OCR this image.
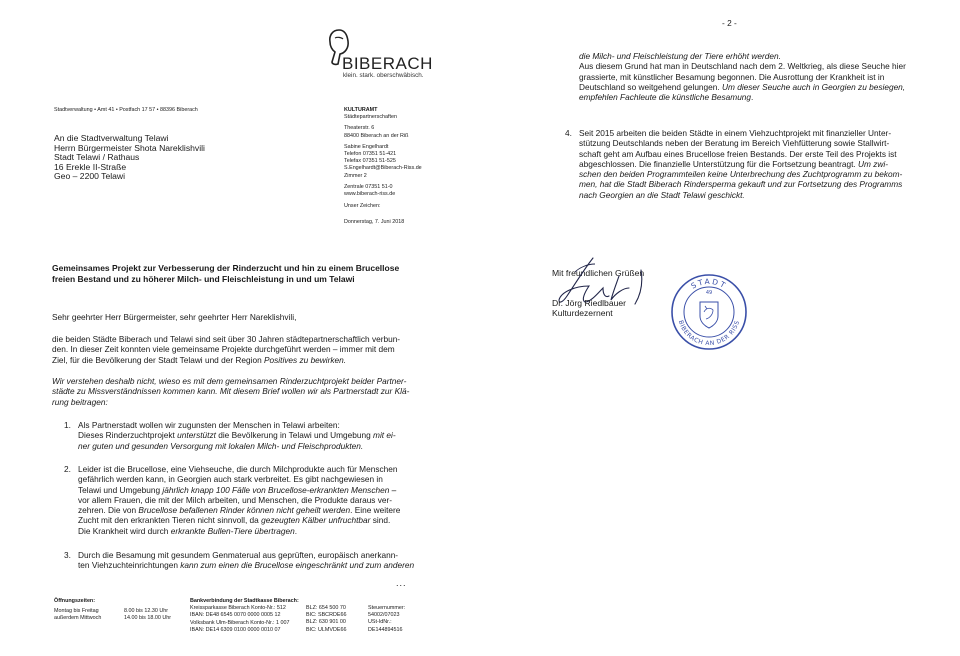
BIBERACH
klein. stark. oberschwäbisch.
Stadtverwaltung • Amt 41 • Postfach 17 57 • 88396 Biberach
An die Stadtverwaltung Telawi
Herrn Bürgermeister Shota Nareklishvili
Stadt Telawi / Rathaus
16 Erekle II-Straße
Geo – 2200 Telawi
KULTURAMT
Städtepartnerschaften
Theaterstr. 6
88400 Biberach an der Riß
Sabine Engelhardt
Telefon 07351 51-421
Telefax 07351 51-525
S.Engelhardt@Biberach-Riss.de
Zimmer 2
Zentrale 07351 51-0
www.biberach-riss.de
Unser Zeichen:
Donnerstag, 7. Juni 2018
Gemeinsames Projekt zur Verbesserung der Rinderzucht und hin zu einem Brucellose
freien Bestand und zu höherer Milch- und Fleischleistung in und um Telawi
Sehr geehrter Herr Bürgermeister, sehr geehrter Herr Nareklishvili,
die beiden Städte Biberach und Telawi sind seit über 30 Jahren städtepartnerschaftlich verbun-
den. In dieser Zeit konnten viele gemeinsame Projekte durchgeführt werden – immer mit dem
Ziel, für die Bevölkerung der Stadt Telawi und der Region Positives zu bewirken.
Wir verstehen deshalb nicht, wieso es mit dem gemeinsamen Rinderzuchtprojekt beider Partner-
städte zu Missverständnissen kommen kann. Mit diesem Brief wollen wir als Partnerstadt zur Klä-
rung beitragen:
1. Als Partnerstadt wollen wir zugunsten der Menschen in Telawi arbeiten:
Dieses Rinderzuchtprojekt unterstützt die Bevölkerung in Telawi und Umgebung mit ei-
ner guten und gesunden Versorgung mit lokalen Milch- und Fleischprodukten.
2. Leider ist die Brucellose, eine Viehseuche, die durch Milchprodukte auch für Menschen
gefährlich werden kann, in Georgien auch stark verbreitet. Es gibt nachgewiesen in
Telawi und Umgebung jährlich knapp 100 Fälle von Brucellose-erkrankten Menschen –
vor allem Frauen, die mit der Milch arbeiten, und Menschen, die Produkte daraus ver-
zehren. Die von Brucellose befallenen Rinder können nicht geheilt werden. Eine weitere
Zucht mit den erkrankten Tieren nicht sinnvoll, da gezeugten Kälber unfruchtbar sind.
Die Krankheit wird durch erkrankte Bullen-Tiere übertragen.
3. Durch die Besamung mit gesundem Genmaterual aus geprüften, europäisch anerkann-
ten Viehzuchteinrichtungen kann zum einen die Brucellose eingeschränkt und zum anderen
...
Öffnungszeiten:
Montag bis Freitag	8.00 bis 12.30 Uhr
außerdem Mittwoch	14.00 bis 18.00 Uhr
Bankverbindung der Stadtkasse Biberach:
Kreissparkasse Biberach Konto-Nr.: 512
IBAN: DE48 6545 0070 0000 0005 12
Volksbank Ulm-Biberach Konto-Nr.: 1 007
IBAN: DE14 6309 0100 0000 0010 07
BLZ: 654 500 70
BIC: SBCRDE66
BLZ: 630 901 00
BIC: ULMVDE66
Steuernummer:
54002/07023
USt-IdNr.:
DE144894516
- 2 -
die Milch- und Fleischleistung der Tiere erhöht werden.
Aus diesem Grund hat man in Deutschland nach dem 2. Weltkrieg, als diese Seuche hier
grassierte, mit künstlicher Besamung begonnen. Die Ausrottung der Krankheit ist in
Deutschland so weitgehend gelungen. Um dieser Seuche auch in Georgien zu besiegen,
empfehlen Fachleute die künstliche Besamung.
4. Seit 2015 arbeiten die beiden Städte in einem Viehzuchtprojekt mit finanzieller Unter-
stützung Deutschlands neben der Beratung im Bereich Viehfütterung sowie Stallwirt-
schaft geht am Aufbau eines Brucellose freien Bestands. Der erste Teil des Projekts ist
abgeschlossen. Die finanzielle Unterstützung für die Fortsetzung beantragt. Um zwi-
schen den beiden Programmteilen keine Unterbrechung des Zuchtprogramm zu bekom-
men, hat die Stadt Biberach Rindersperma gekauft und zur Fortsetzung des Programms
nach Georgien an die Stadt Telawi geschickt.
Mit freundlichen Grüßen
Dr. Jörg Riedlbauer
Kulturdezernent
STADT
BIBERACH AN DER RISS
49
